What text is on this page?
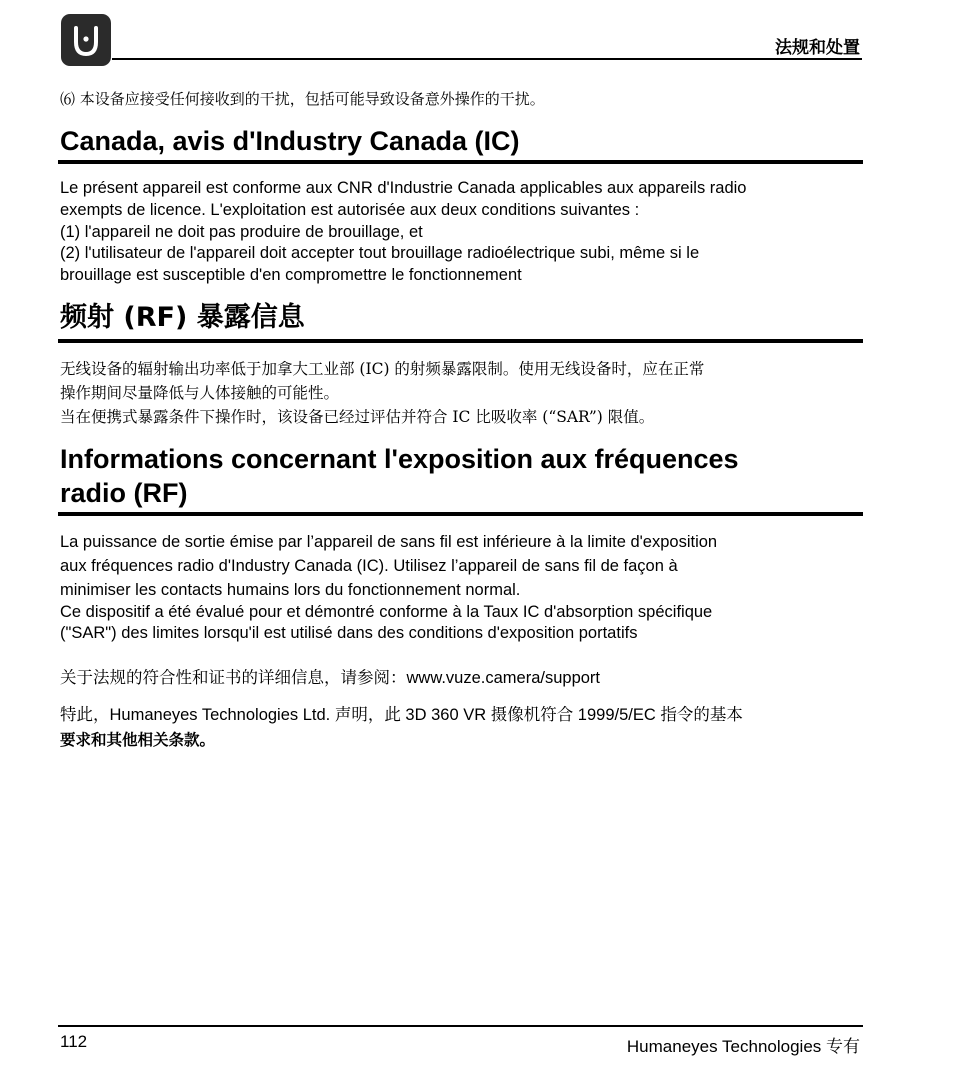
法规和处置
⑹ 本设备应接受任何接收到的干扰，包括可能导致设备意外操作的干扰。
Canada, avis d'Industry Canada (IC)
Le présent appareil est conforme aux CNR d'Industrie Canada applicables aux appareils radio
exempts de licence. L'exploitation est autorisée aux deux conditions suivantes :
(1) l'appareil ne doit pas produire de brouillage, et
(2) l'utilisateur de l'appareil doit accepter tout brouillage radioélectrique subi, même si le
brouillage est susceptible d'en compromettre le fonctionnement
频射 (RF) 暴露信息
无线设备的辐射输出功率低于加拿大工业部 (IC) 的射频暴露限制。使用无线设备时，应在正常
操作期间尽量降低与人体接触的可能性。
当在便携式暴露条件下操作时，该设备已经过评估并符合 IC 比吸收率 (“SAR”) 限值。
Informations concernant l'exposition aux fréquences
radio (RF)
La puissance de sortie émise par l’appareil de sans fil est inférieure à la limite d'exposition
aux fréquences radio d'Industry Canada (IC). Utilisez l’appareil de sans fil de façon à
minimiser les contacts humains lors du fonctionnement normal.
Ce dispositif a été évalué pour et démontré conforme à la Taux IC d'absorption spécifique
("SAR") des limites lorsqu'il est utilisé dans des conditions d'exposition portatifs
关于法规的符合性和证书的详细信息，请参阅：www.vuze.camera/support
特此，Humaneyes Technologies Ltd. 声明，此 3D 360 VR 摄像机符合 1999/5/EC 指令的基本
要求和其他相关条款。
112	Humaneyes Technologies 专有
